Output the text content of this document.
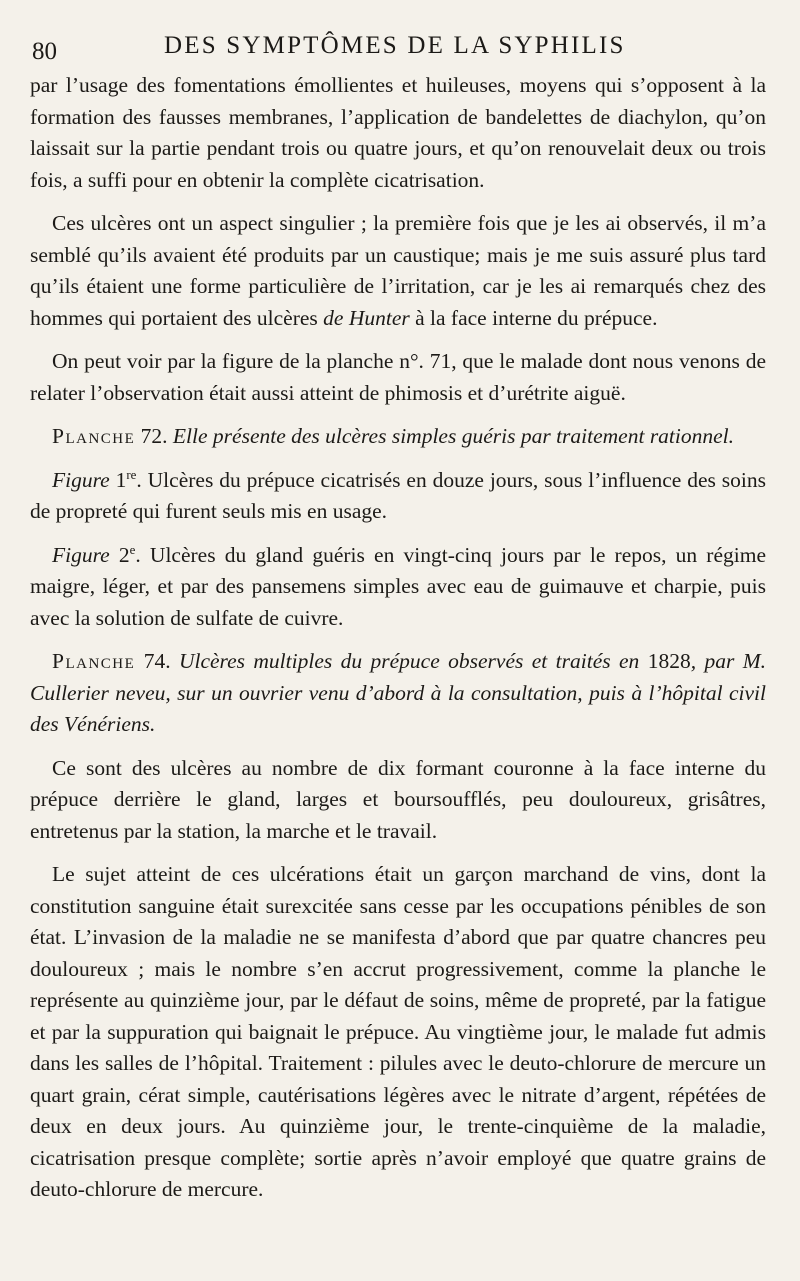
80	DES SYMPTÔMES DE LA SYPHILIS

par l’usage des fomentations émollientes et huileuses, moyens qui s’opposent à la formation des fausses membranes, l’application de bandelettes de diachylon, qu’on laissait sur la partie pendant trois ou quatre jours, et qu’on renouvelait deux ou trois fois, a suffi pour en obtenir la complète cicatrisation.

Ces ulcères ont un aspect singulier ; la première fois que je les ai observés, il m’a semblé qu’ils avaient été produits par un caustique; mais je me suis assuré plus tard qu’ils étaient une forme particulière de l’irritation, car je les ai remarqués chez des hommes qui portaient des ulcères de Hunter à la face interne du prépuce.

On peut voir par la figure de la planche n°. 71, que le malade dont nous venons de relater l’observation était aussi atteint de phimosis et d’urétrite aiguë.

Planche 72. Elle présente des ulcères simples guéris par traitement rationnel.

Figure 1re. Ulcères du prépuce cicatrisés en douze jours, sous l’influence des soins de propreté qui furent seuls mis en usage.

Figure 2e. Ulcères du gland guéris en vingt-cinq jours par le repos, un régime maigre, léger, et par des pansemens simples avec eau de guimauve et charpie, puis avec la solution de sulfate de cuivre.

Planche 74. Ulcères multiples du prépuce observés et traités en 1828, par M. Cullerier neveu, sur un ouvrier venu d’abord à la consultation, puis à l’hôpital civil des Vénériens.

Ce sont des ulcères au nombre de dix formant couronne à la face interne du prépuce derrière le gland, larges et boursoufflés, peu douloureux, grisâtres, entretenus par la station, la marche et le travail.

Le sujet atteint de ces ulcérations était un garçon marchand de vins, dont la constitution sanguine était surexcitée sans cesse par les occupations pénibles de son état. L’invasion de la maladie ne se manifesta d’abord que par quatre chancres peu douloureux ; mais le nombre s’en accrut progressivement, comme la planche le représente au quinzième jour, par le défaut de soins, même de propreté, par la fatigue et par la suppuration qui baignait le prépuce. Au vingtième jour, le malade fut admis dans les salles de l’hôpital. Traitement : pilules avec le deuto-chlorure de mercure un quart grain, cérat simple, cautérisations légères avec le nitrate d’argent, répétées de deux en deux jours. Au quinzième jour, le trente-cinquième de la maladie, cicatrisation presque complète; sortie après n’avoir employé que quatre grains de deuto-chlorure de mercure.
